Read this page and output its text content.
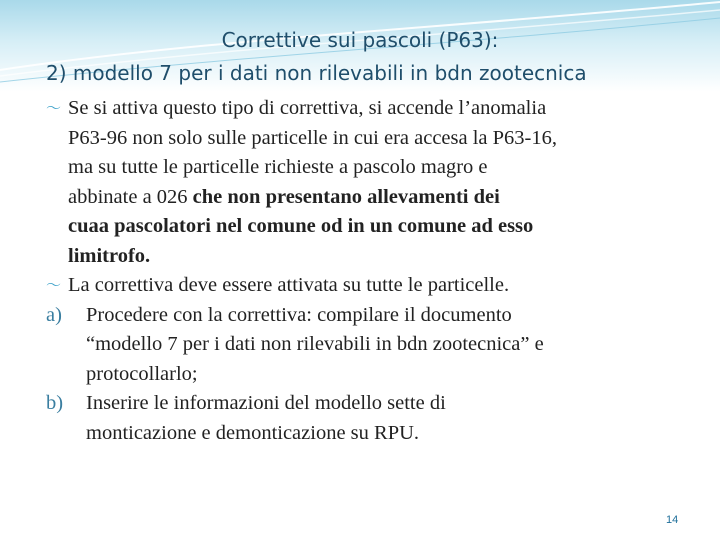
Correttive sui pascoli (P63):
2) modello 7 per i dati non rilevabili in bdn zootecnica
〜 Se si attiva questo tipo di correttiva, si accende l’anomalia
P63-96 non solo sulle particelle in cui era accesa la P63-16,
ma su tutte le particelle richieste a pascolo magro e
abbinate a 026 che non presentano allevamenti dei
cuaa pascolatori nel comune od in un comune ad esso
limitrofo.
〜 La correttiva deve essere attivata su tutte le particelle.
a) Procedere con la correttiva: compilare il documento
“modello 7 per i dati non rilevabili in bdn zootecnica” e
protocollarlo;
b) Inserire le informazioni del modello sette di
monticazione e demonticazione su RPU.
14
